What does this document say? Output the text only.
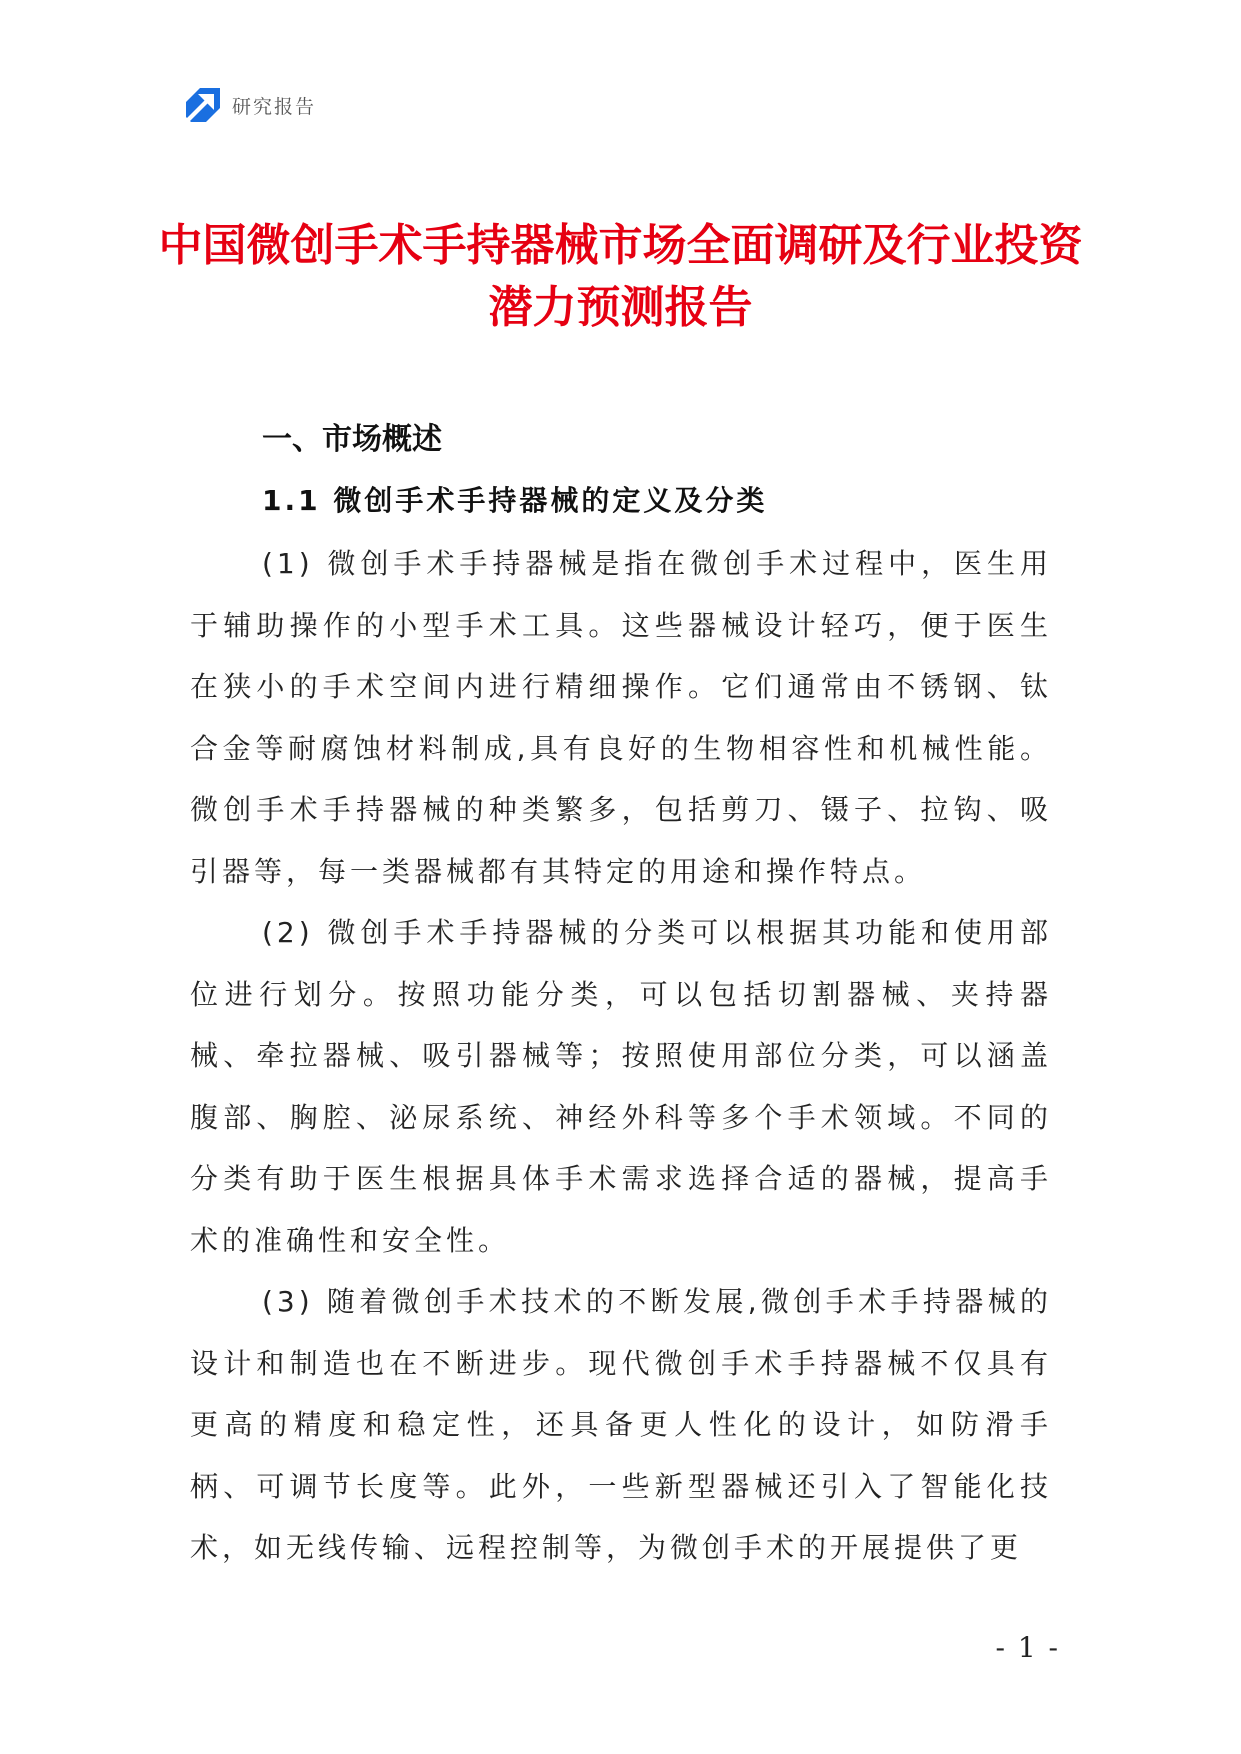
研究报告
中国微创手术手持器械市场全面调研及行业投资潜力预测报告
一、市场概述
1.1 微创手术手持器械的定义及分类

(1) 微创手术手持器械是指在微创手术过程中，医生用于辅助操作的小型手术工具。这些器械设计轻巧，便于医生在狭小的手术空间内进行精细操作。它们通常由不锈钢、钛合金等耐腐蚀材料制成,具有良好的生物相容性和机械性能。微创手术手持器械的种类繁多，包括剪刀、镊子、拉钩、吸引器等，每一类器械都有其特定的用途和操作特点。

(2) 微创手术手持器械的分类可以根据其功能和使用部位进行划分。按照功能分类，可以包括切割器械、夹持器械、牵拉器械、吸引器械等；按照使用部位分类，可以涵盖腹部、胸腔、泌尿系统、神经外科等多个手术领域。不同的分类有助于医生根据具体手术需求选择合适的器械，提高手术的准确性和安全性。

(3) 随着微创手术技术的不断发展,微创手术手持器械的设计和制造也在不断进步。现代微创手术手持器械不仅具有更高的精度和稳定性，还具备更人性化的设计，如防滑手柄、可调节长度等。此外，一些新型器械还引入了智能化技术，如无线传输、远程控制等，为微创手术的开展提供了更

- 1 -
